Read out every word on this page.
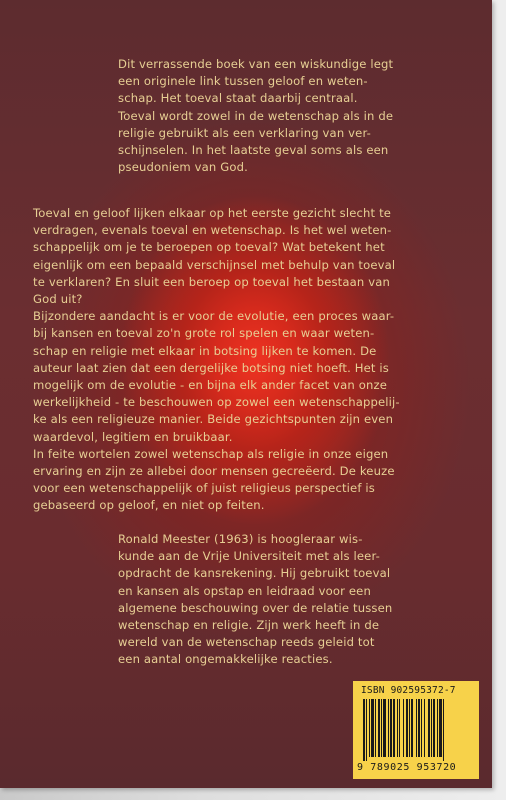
Dit verrassende boek van een wiskundige legt
een originele link tussen geloof en weten-
schap. Het toeval staat daarbij centraal.
Toeval wordt zowel in de wetenschap als in de
religie gebruikt als een verklaring van ver-
schijnselen. In het laatste geval soms als een
pseudoniem van God.
Toeval en geloof lijken elkaar op het eerste gezicht slecht te
verdragen, evenals toeval en wetenschap. Is het wel weten-
schappelijk om je te beroepen op toeval? Wat betekent het
eigenlijk om een bepaald verschijnsel met behulp van toeval
te verklaren? En sluit een beroep op toeval het bestaan van
God uit?
Bijzondere aandacht is er voor de evolutie, een proces waar-
bij kansen en toeval zo'n grote rol spelen en waar weten-
schap en religie met elkaar in botsing lijken te komen. De
auteur laat zien dat een dergelijke botsing niet hoeft. Het is
mogelijk om de evolutie - en bijna elk ander facet van onze
werkelijkheid - te beschouwen op zowel een wetenschappelij-
ke als een religieuze manier. Beide gezichtspunten zijn even
waardevol, legitiem en bruikbaar.
In feite wortelen zowel wetenschap als religie in onze eigen
ervaring en zijn ze allebei door mensen gecreëerd. De keuze
voor een wetenschappelijk of juist religieus perspectief is
gebaseerd op geloof, en niet op feiten.
Ronald Meester (1963) is hoogleraar wis-
kunde aan de Vrije Universiteit met als leer-
opdracht de kansrekening. Hij gebruikt toeval
en kansen als opstap en leidraad voor een
algemene beschouwing over de relatie tussen
wetenschap en religie. Zijn werk heeft in de
wereld van de wetenschap reeds geleid tot
een aantal ongemakkelijke reacties.
ISBN 902595372-7
9 789025 953720
